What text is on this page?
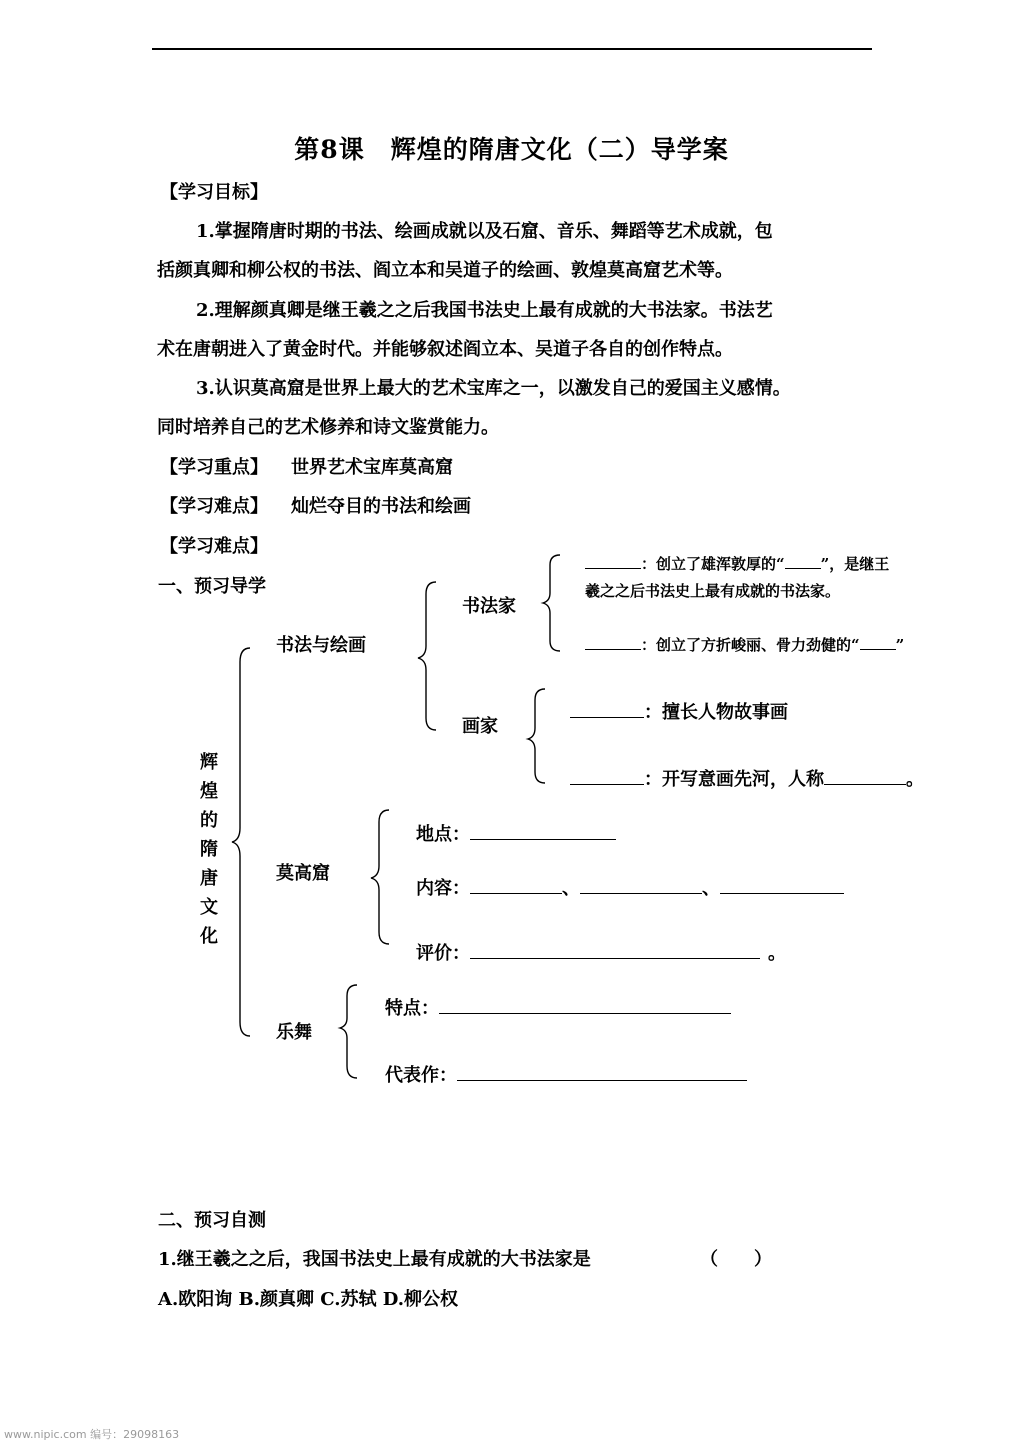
第8课　辉煌的隋唐文化（二）导学案
【学习目标】
1.掌握隋唐时期的书法、绘画成就以及石窟、音乐、舞蹈等艺术成就，包
括颜真卿和柳公权的书法、阎立本和吴道子的绘画、敦煌莫高窟艺术等。
2.理解颜真卿是继王羲之之后我国书法史上最有成就的大书法家。书法艺
术在唐朝进入了黄金时代。并能够叙述阎立本、吴道子各自的创作特点。
3.认识莫高窟是世界上最大的艺术宝库之一，以激发自己的爱国主义感情。
同时培养自己的艺术修养和诗文鉴赏能力。
【学习重点】 世界艺术宝库莫高窟
【学习难点】 灿烂夺目的书法和绘画
【学习难点】
一、预习导学
辉
煌
的
隋
唐
文
化
书法与绘画
书法家
：创立了雄浑敦厚的“ ”，是继王
羲之之后书法史上最有成就的书法家。
：创立了方折峻丽、骨力劲健的“ ”
画家
：擅长人物故事画
：开写意画先河，人称	。
莫高窟
地点：
内容：	、	、
评价：	。
乐舞
特点：
代表作：
二、预习自测
1.继王羲之之后，我国书法史上最有成就的大书法家是	（　　）
A.欧阳询 B.颜真卿 C.苏轼 D.柳公权
www.nipic.com 编号：29098163
